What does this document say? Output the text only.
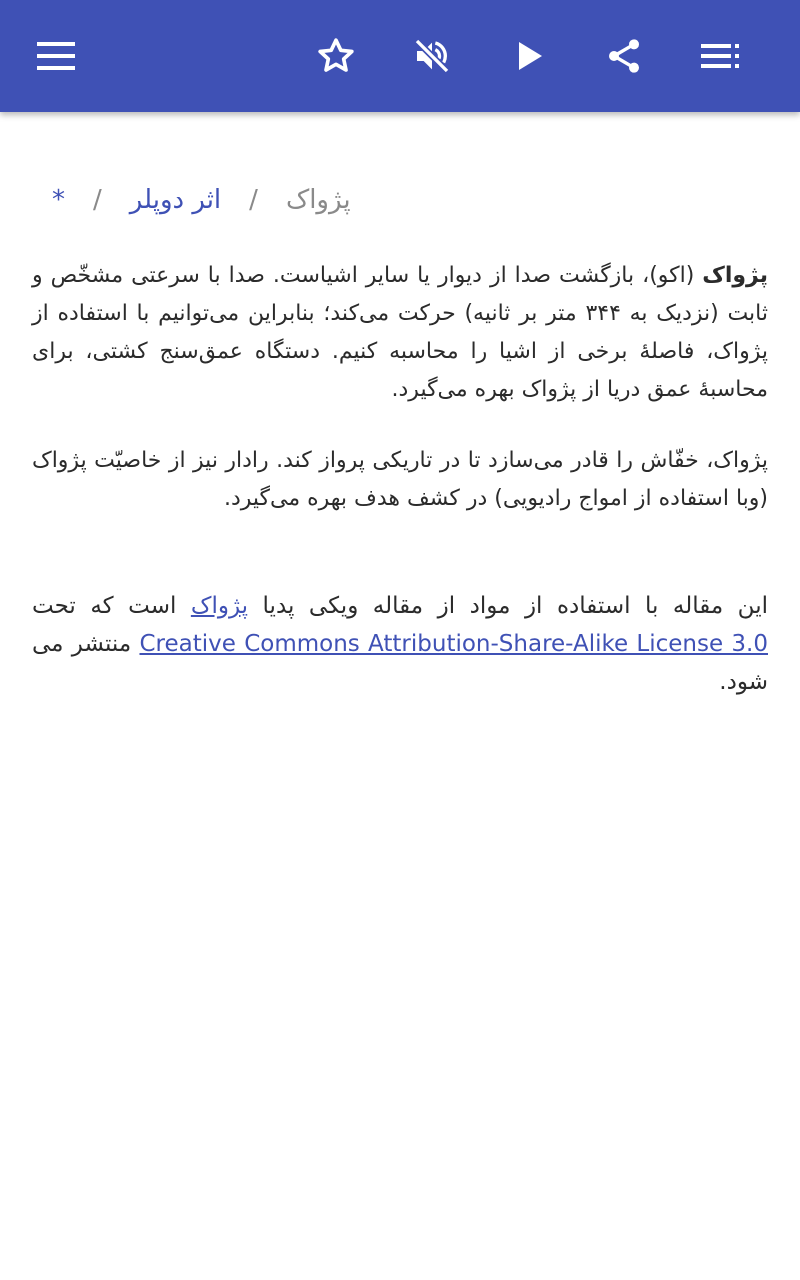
* / اثر دوپلر / پژواک
پژواک (اکو)، بازگشت صدا از دیوار یا سایر اشیاست. صدا با سرعتی مشخّص و ثابت (نزدیک به ۳۴۴ متر بر ثانیه) حرکت می‌کند؛ بنابراین می‌توانیم با استفاده از پژواک، فاصلهٔ برخی از اشیا را محاسبه کنیم. دستگاه عمق‌سنج کشتی، برای محاسبهٔ عمق دریا از پژواک بهره می‌گیرد.
پژواک، خفّاش را قادر می‌سازد تا در تاریکی پرواز کند. رادار نیز از خاصیّت پژواک (وبا استفاده از امواج رادیویی) در کشف هدف بهره می‌گیرد.
این مقاله با استفاده از مواد از مقاله ویکی پدیا پژواک است که تحت Creative Commons Attribution-Share-Alike License 3.0 منتشر می شود.
